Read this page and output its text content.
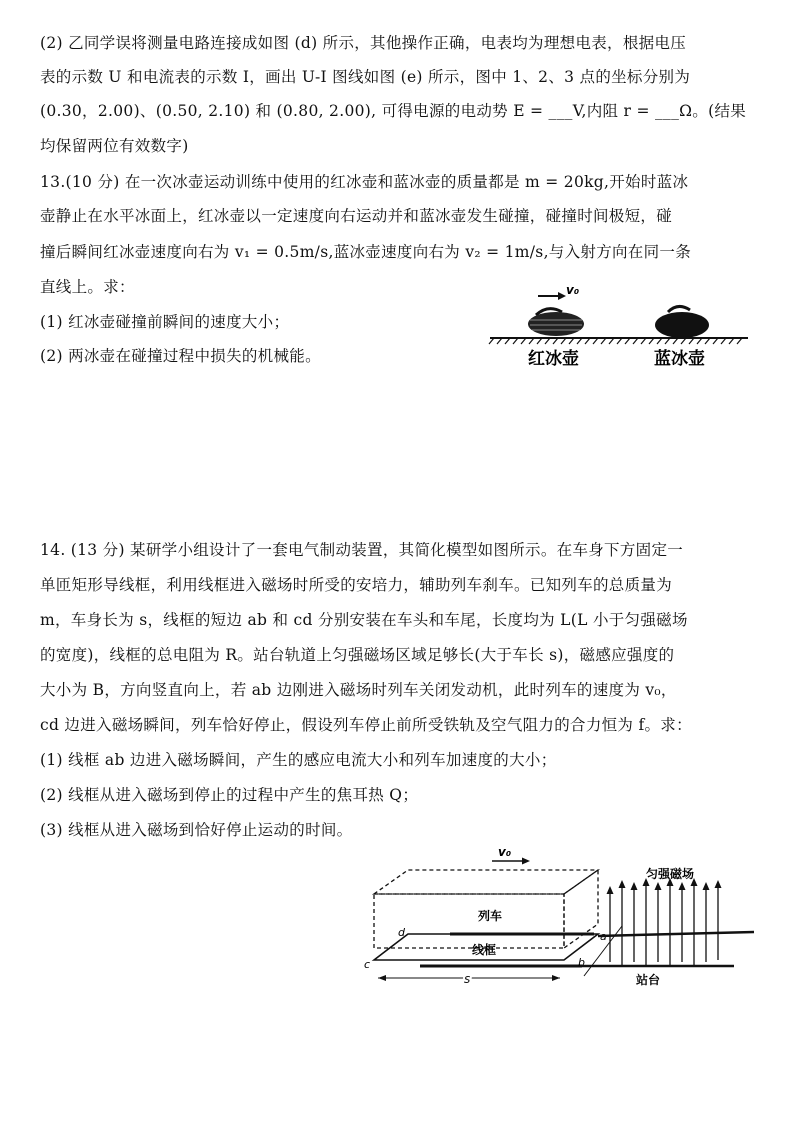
(2) 乙同学误将测量电路连接成如图 (d) 所示，其他操作正确，电表均为理想电表，根据电压
表的示数 U 和电流表的示数 I，画出 U-I 图线如图 (e) 所示，图中 1、2、3 点的坐标分别为
(0.30，2.00)、(0.50, 2.10) 和 (0.80, 2.00), 可得电源的电动势 E = ___V,内阻 r = ___Ω。(结果
均保留两位有效数字)
13.(10 分) 在一次冰壶运动训练中使用的红冰壶和蓝冰壶的质量都是 m = 20kg,开始时蓝冰
壶静止在水平冰面上，红冰壶以一定速度向右运动并和蓝冰壶发生碰撞，碰撞时间极短，碰
撞后瞬间红冰壶速度向右为 v₁ = 0.5m/s,蓝冰壶速度向右为 v₂ = 1m/s,与入射方向在同一条
直线上。求：
(1) 红冰壶碰撞前瞬间的速度大小；
(2) 两冰壶在碰撞过程中损失的机械能。
v₀
红冰壶	蓝冰壶
14. (13 分) 某研学小组设计了一套电气制动装置，其简化模型如图所示。在车身下方固定一
单匝矩形导线框，利用线框进入磁场时所受的安培力，辅助列车刹车。已知列车的总质量为
m，车身长为 s，线框的短边 ab 和 cd 分别安装在车头和车尾，长度均为 L(L 小于匀强磁场
的宽度)，线框的总电阻为 R。站台轨道上匀强磁场区域足够长(大于车长 s)，磁感应强度的
大小为 B，方向竖直向上，若 ab 边刚进入磁场时列车关闭发动机，此时列车的速度为 v₀，
cd 边进入磁场瞬间，列车恰好停止，假设列车停止前所受铁轨及空气阻力的合力恒为 f。求：
(1) 线框 ab 边进入磁场瞬间，产生的感应电流大小和列车加速度的大小；
(2) 线框从进入磁场到停止的过程中产生的焦耳热 Q；
(3) 线框从进入磁场到恰好停止运动的时间。
v₀
列车
线框
d
c	b
s
匀强磁场
站台
